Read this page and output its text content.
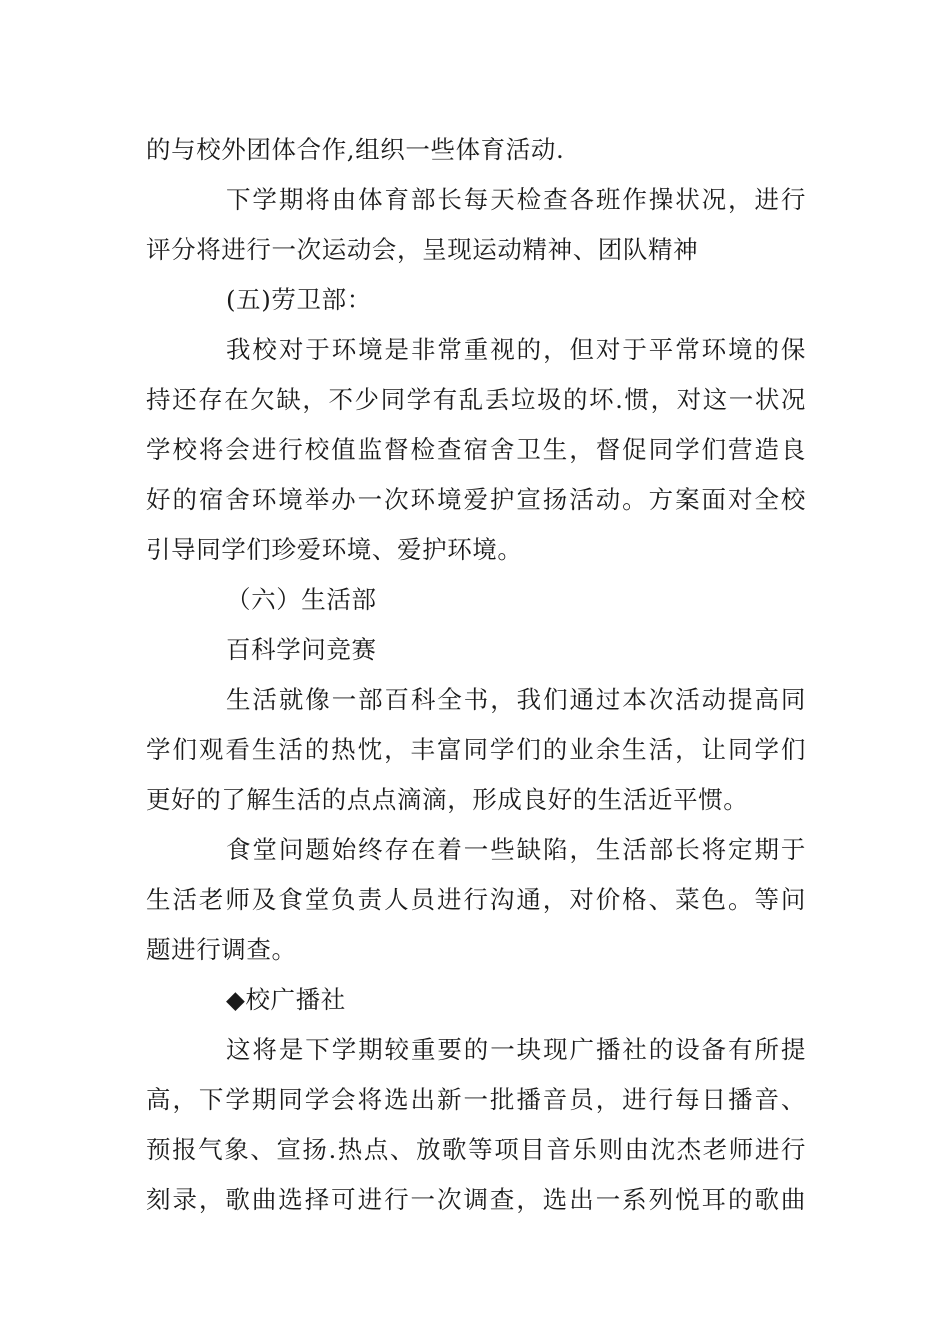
的与校外团体合作,组织一些体育活动.
下学期将由体育部长每天检查各班作操状况，进行
评分将进行一次运动会，呈现运动精神、团队精神
(五)劳卫部：
我校对于环境是非常重视的，但对于平常环境的保
持还存在欠缺，不少同学有乱丢垃圾的坏.惯，对这一状况
学校将会进行校值监督检查宿舍卫生，督促同学们营造良
好的宿舍环境举办一次环境爱护宣扬活动。方案面对全校
引导同学们珍爱环境、爱护环境。
（六）生活部
百科学问竞赛
生活就像一部百科全书，我们通过本次活动提高同
学们观看生活的热忱，丰富同学们的业余生活，让同学们
更好的了解生活的点点滴滴，形成良好的生活近平惯。
食堂问题始终存在着一些缺陷，生活部长将定期于
生活老师及食堂负责人员进行沟通，对价格、菜色。等问
题进行调查。
◆校广播社
这将是下学期较重要的一块现广播社的设备有所提
高，下学期同学会将选出新一批播音员，进行每日播音、
预报气象、宣扬.热点、放歌等项目音乐则由沈杰老师进行
刻录，歌曲选择可进行一次调查，选出一系列悦耳的歌曲
